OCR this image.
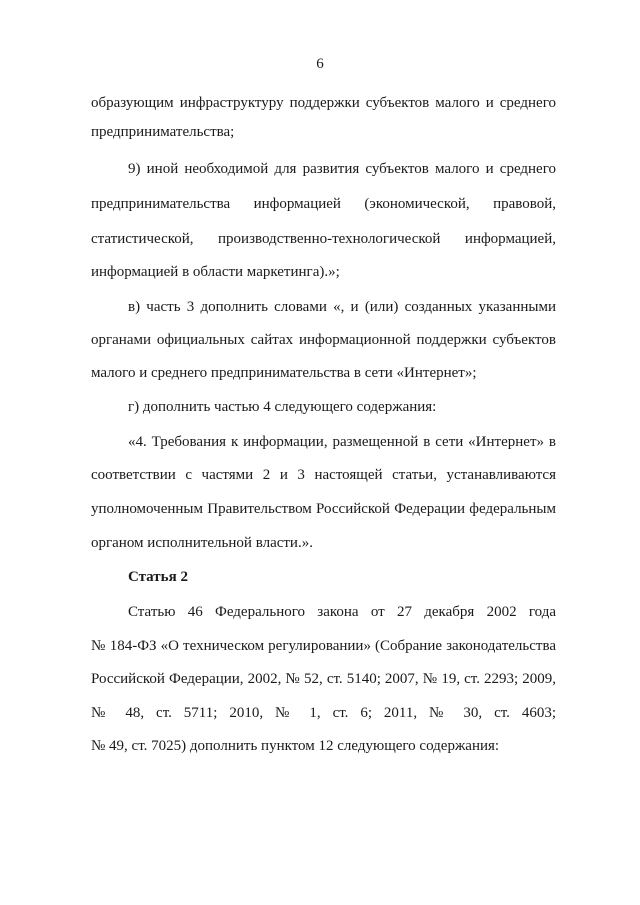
6
образующим инфраструктуру поддержки субъектов малого и среднего
предпринимательства;
9) иной необходимой для развития субъектов малого и среднего
предпринимательства информацией (экономической, правовой,
статистической, производственно-технологической информацией,
информацией в области маркетинга).»;
в) часть 3 дополнить словами «, и (или) созданных указанными
органами официальных сайтах информационной поддержки субъектов
малого и среднего предпринимательства в сети «Интернет»;
г) дополнить частью 4 следующего содержания:
«4. Требования к информации, размещенной в сети «Интернет» в
соответствии с частями 2 и 3 настоящей статьи, устанавливаются
уполномоченным Правительством Российской Федерации федеральным
органом исполнительной власти.».
Статья 2
Статью 46 Федерального закона от 27 декабря 2002 года
№ 184-ФЗ «О техническом регулировании» (Собрание законодательства
Российской Федерации, 2002, № 52, ст. 5140; 2007, № 19, ст. 2293; 2009,
№ 48, ст. 5711; 2010, № 1, ст. 6; 2011, № 30, ст. 4603;
№ 49, ст. 7025) дополнить пунктом 12 следующего содержания:
